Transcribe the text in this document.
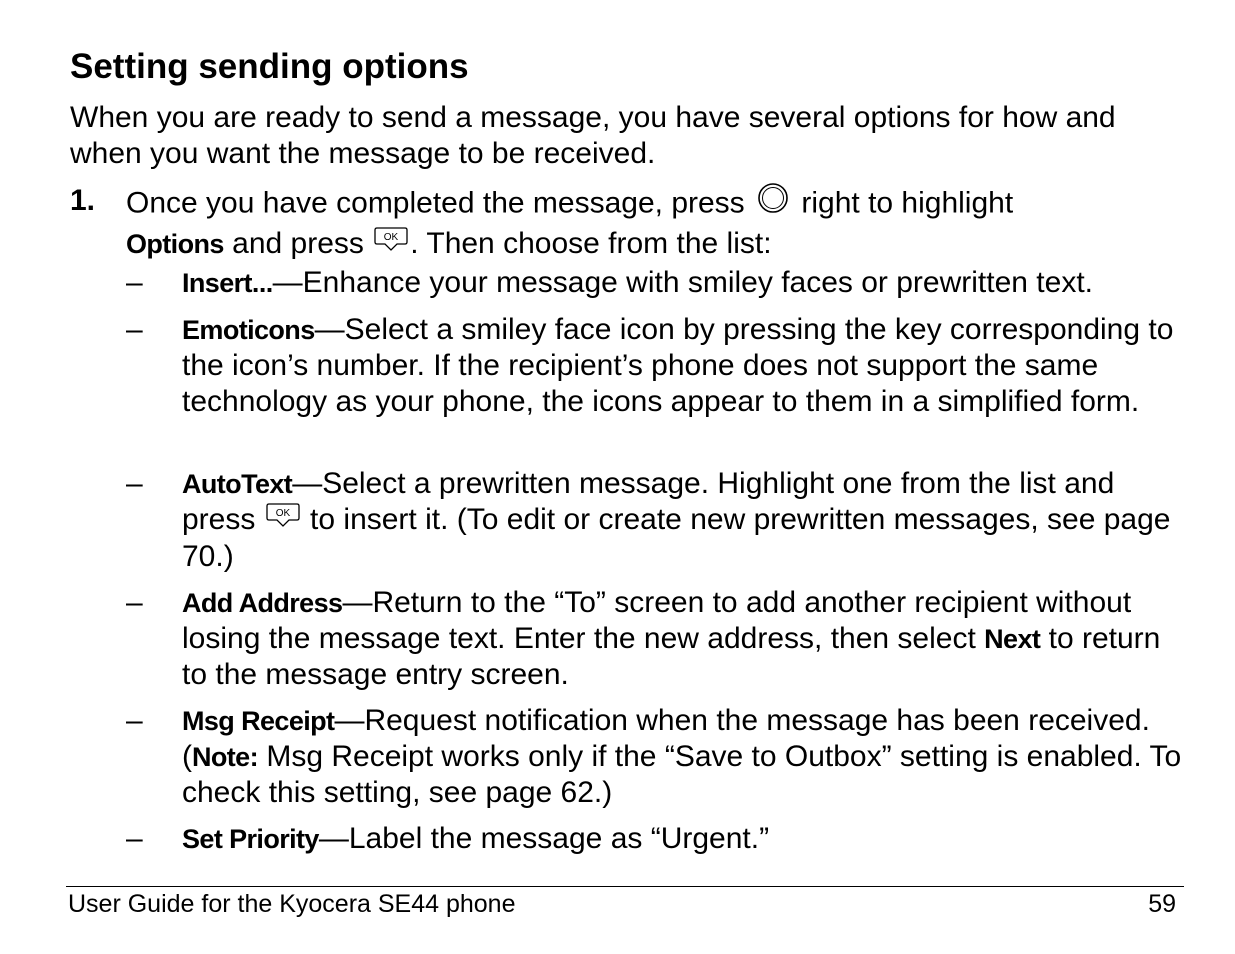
Setting sending options

When you are ready to send a message, you have several options for how and when you want the message to be received.

1. Once you have completed the message, press right to highlight
Options and press OK . Then choose from the list:
– Insert...—Enhance your message with smiley faces or prewritten text.
– Emoticons—Select a smiley face icon by pressing the key corresponding to the icon’s number. If the recipient’s phone does not support the same technology as your phone, the icons appear to them in a simplified form.
– AutoText—Select a prewritten message. Highlight one from the list and press OK to insert it. (To edit or create new prewritten messages, see page 70.)
– Add Address—Return to the “To” screen to add another recipient without losing the message text. Enter the new address, then select Next to return to the message entry screen.
– Msg Receipt—Request notification when the message has been received. (Note: Msg Receipt works only if the “Save to Outbox” setting is enabled. To check this setting, see page 62.)
– Set Priority—Label the message as “Urgent.”
User Guide for the Kyocera SE44 phone	59
